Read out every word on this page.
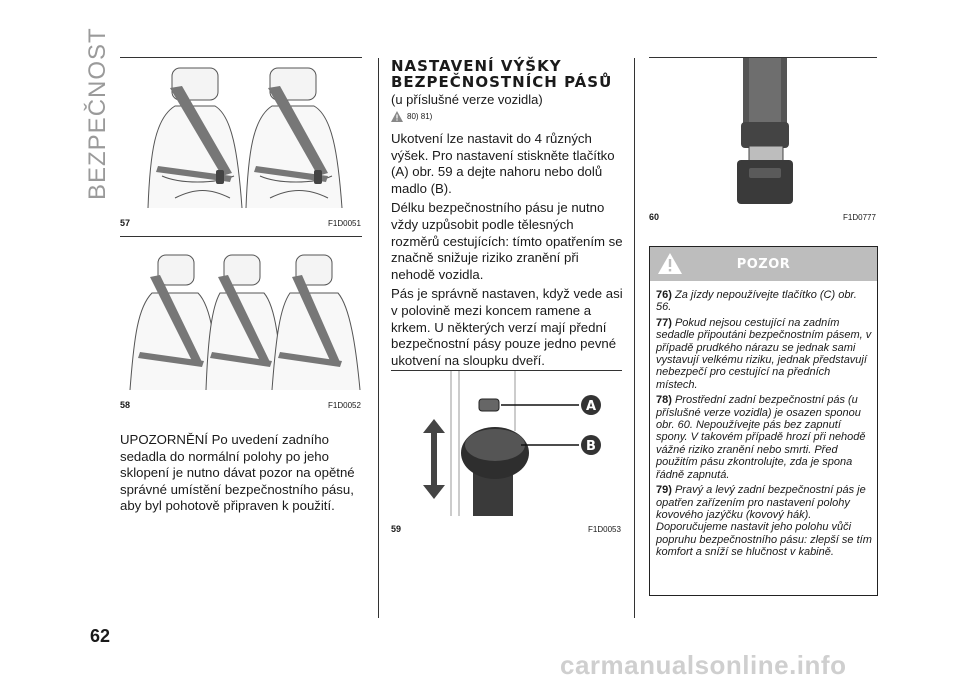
BEZPEČNOST
57	F1D0051
58	F1D0052

UPOZORNĚNÍ Po uvedení zadního sedadla do normální polohy po jeho sklopení je nutno dávat pozor na opětné správné umístění bezpečnostního pásu, aby byl pohotově připraven k použití.

NASTAVENÍ VÝŠKY
BEZPEČNOSTNÍCH PÁSŮ
(u příslušné verze vozidla)
80) 81)

Ukotvení lze nastavit do 4 různých výšek. Pro nastavení stiskněte tlačítko (A) obr. 59 a dejte nahoru nebo dolů madlo (B).

Délku bezpečnostního pásu je nutno vždy uzpůsobit podle tělesných rozměrů cestujících: tímto opatřením se značně snižuje riziko zranění při nehodě vozidla.

Pás je správně nastaven, když vede asi v polovině mezi koncem ramene a krkem. U některých verzí mají přední bezpečnostní pásy pouze jedno pevné ukotvení na sloupku dveří.

A
B
59	F1D0053
60	F1D0777
POZOR

76) Za jízdy nepoužívejte tlačítko (C) obr. 56.

77) Pokud nejsou cestující na zadním sedadle připoutáni bezpečnostním pásem, v případě prudkého nárazu se jednak sami vystavují velkému riziku, jednak představují nebezpečí pro cestující na předních místech.

78) Prostřední zadní bezpečnostní pás (u příslušné verze vozidla) je osazen sponou obr. 60. Nepoužívejte pás bez zapnutí spony. V takovém případě hrozí při nehodě vážné riziko zranění nebo smrti. Před použitím pásu zkontrolujte, zda je spona řádně zapnutá.

79) Pravý a levý zadní bezpečnostní pás je opatřen zařízením pro nastavení polohy kovového jazýčku (kovový hák). Doporučujeme nastavit jeho polohu vůči popruhu bezpečnostního pásu: zlepší se tím komfort a sníží se hlučnost v kabině.

62
carmanualsonline.info
